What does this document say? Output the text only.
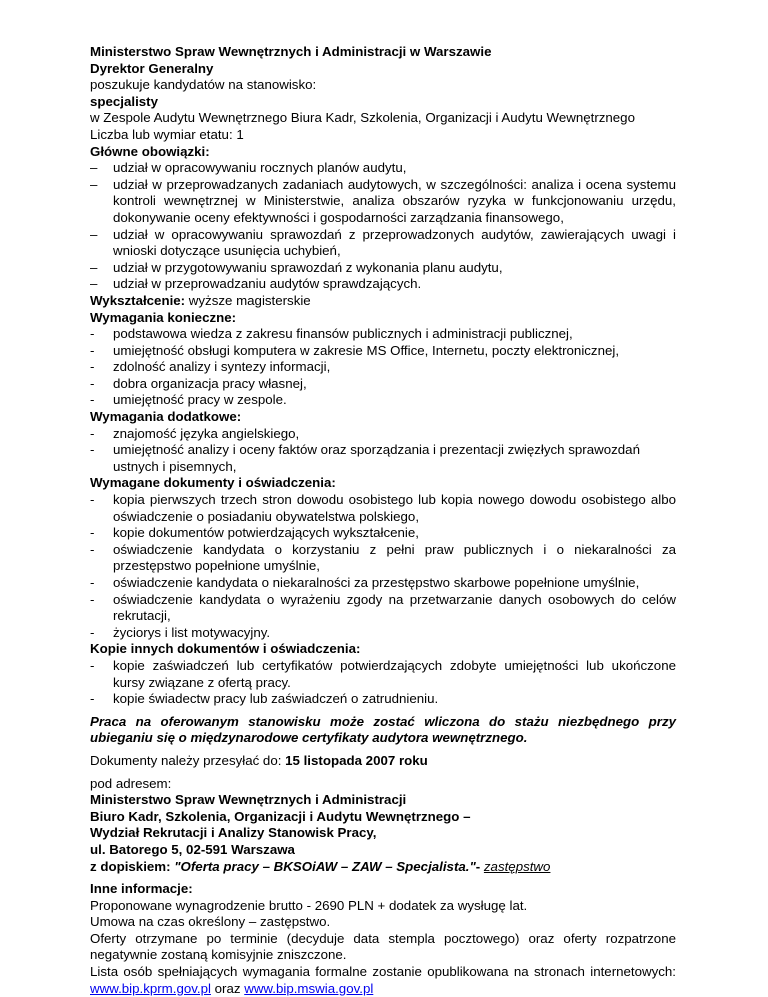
Ministerstwo Spraw Wewnętrznych i Administracji w Warszawie
Dyrektor Generalny
poszukuje kandydatów na stanowisko:
specjalisty
w Zespole Audytu Wewnętrznego Biura Kadr, Szkolenia, Organizacji i Audytu Wewnętrznego
Liczba lub wymiar etatu: 1
Główne obowiązki:
– udział w opracowywaniu rocznych planów audytu,
– udział w przeprowadzanych zadaniach audytowych, w szczególności: analiza i ocena systemu kontroli wewnętrznej w Ministerstwie, analiza obszarów ryzyka w funkcjonowaniu urzędu, dokonywanie oceny efektywności i gospodarności zarządzania finansowego,
– udział w opracowywaniu sprawozdań z przeprowadzonych audytów, zawierających uwagi i wnioski dotyczące usunięcia uchybień,
– udział w przygotowywaniu sprawozdań z wykonania planu audytu,
– udział w przeprowadzaniu audytów sprawdzających.
Wykształcenie: wyższe magisterskie
Wymagania konieczne:
- podstawowa wiedza z zakresu finansów publicznych i administracji publicznej,
- umiejętność obsługi komputera w zakresie MS Office, Internetu, poczty elektronicznej,
- zdolność analizy i syntezy informacji,
- dobra organizacja pracy własnej,
- umiejętność pracy w zespole.
Wymagania dodatkowe:
- znajomość języka angielskiego,
- umiejętność analizy i oceny faktów oraz sporządzania i prezentacji zwięzłych sprawozdań ustnych i pisemnych,
Wymagane dokumenty i oświadczenia:
- kopia pierwszych trzech stron dowodu osobistego lub kopia nowego dowodu osobistego albo oświadczenie o posiadaniu obywatelstwa polskiego,
- kopie dokumentów potwierdzających wykształcenie,
- oświadczenie kandydata o korzystaniu z pełni praw publicznych i o niekaralności za przestępstwo popełnione umyślnie,
- oświadczenie kandydata o niekaralności za przestępstwo skarbowe popełnione umyślnie,
- oświadczenie kandydata o wyrażeniu zgody na przetwarzanie danych osobowych do celów rekrutacji,
- życiorys i list motywacyjny.
Kopie innych dokumentów i oświadczenia:
- kopie zaświadczeń lub certyfikatów potwierdzających zdobyte umiejętności lub ukończone kursy związane z ofertą pracy.
- kopie świadectw pracy lub zaświadczeń o zatrudnieniu.
Praca na oferowanym stanowisku może zostać wliczona do stażu niezbędnego przy ubieganiu się o międzynarodowe certyfikaty audytora wewnętrznego.
Dokumenty należy przesyłać do: 15 listopada 2007 roku
pod adresem:
Ministerstwo Spraw Wewnętrznych i Administracji
Biuro Kadr, Szkolenia, Organizacji i Audytu Wewnętrznego –
Wydział Rekrutacji i Analizy Stanowisk Pracy,
ul. Batorego 5, 02-591 Warszawa
z dopiskiem: "Oferta pracy – BKSOiAW – ZAW – Specjalista."- zastępstwo
Inne informacje:
Proponowane wynagrodzenie brutto - 2690 PLN + dodatek za wysługę lat.
Umowa na czas określony – zastępstwo.
Oferty otrzymane po terminie (decyduje data stempla pocztowego) oraz oferty rozpatrzone negatywnie zostaną komisyjnie zniszczone.
Lista osób spełniających wymagania formalne zostanie opublikowana na stronach internetowych: www.bip.kprm.gov.pl oraz www.bip.mswia.gov.pl
